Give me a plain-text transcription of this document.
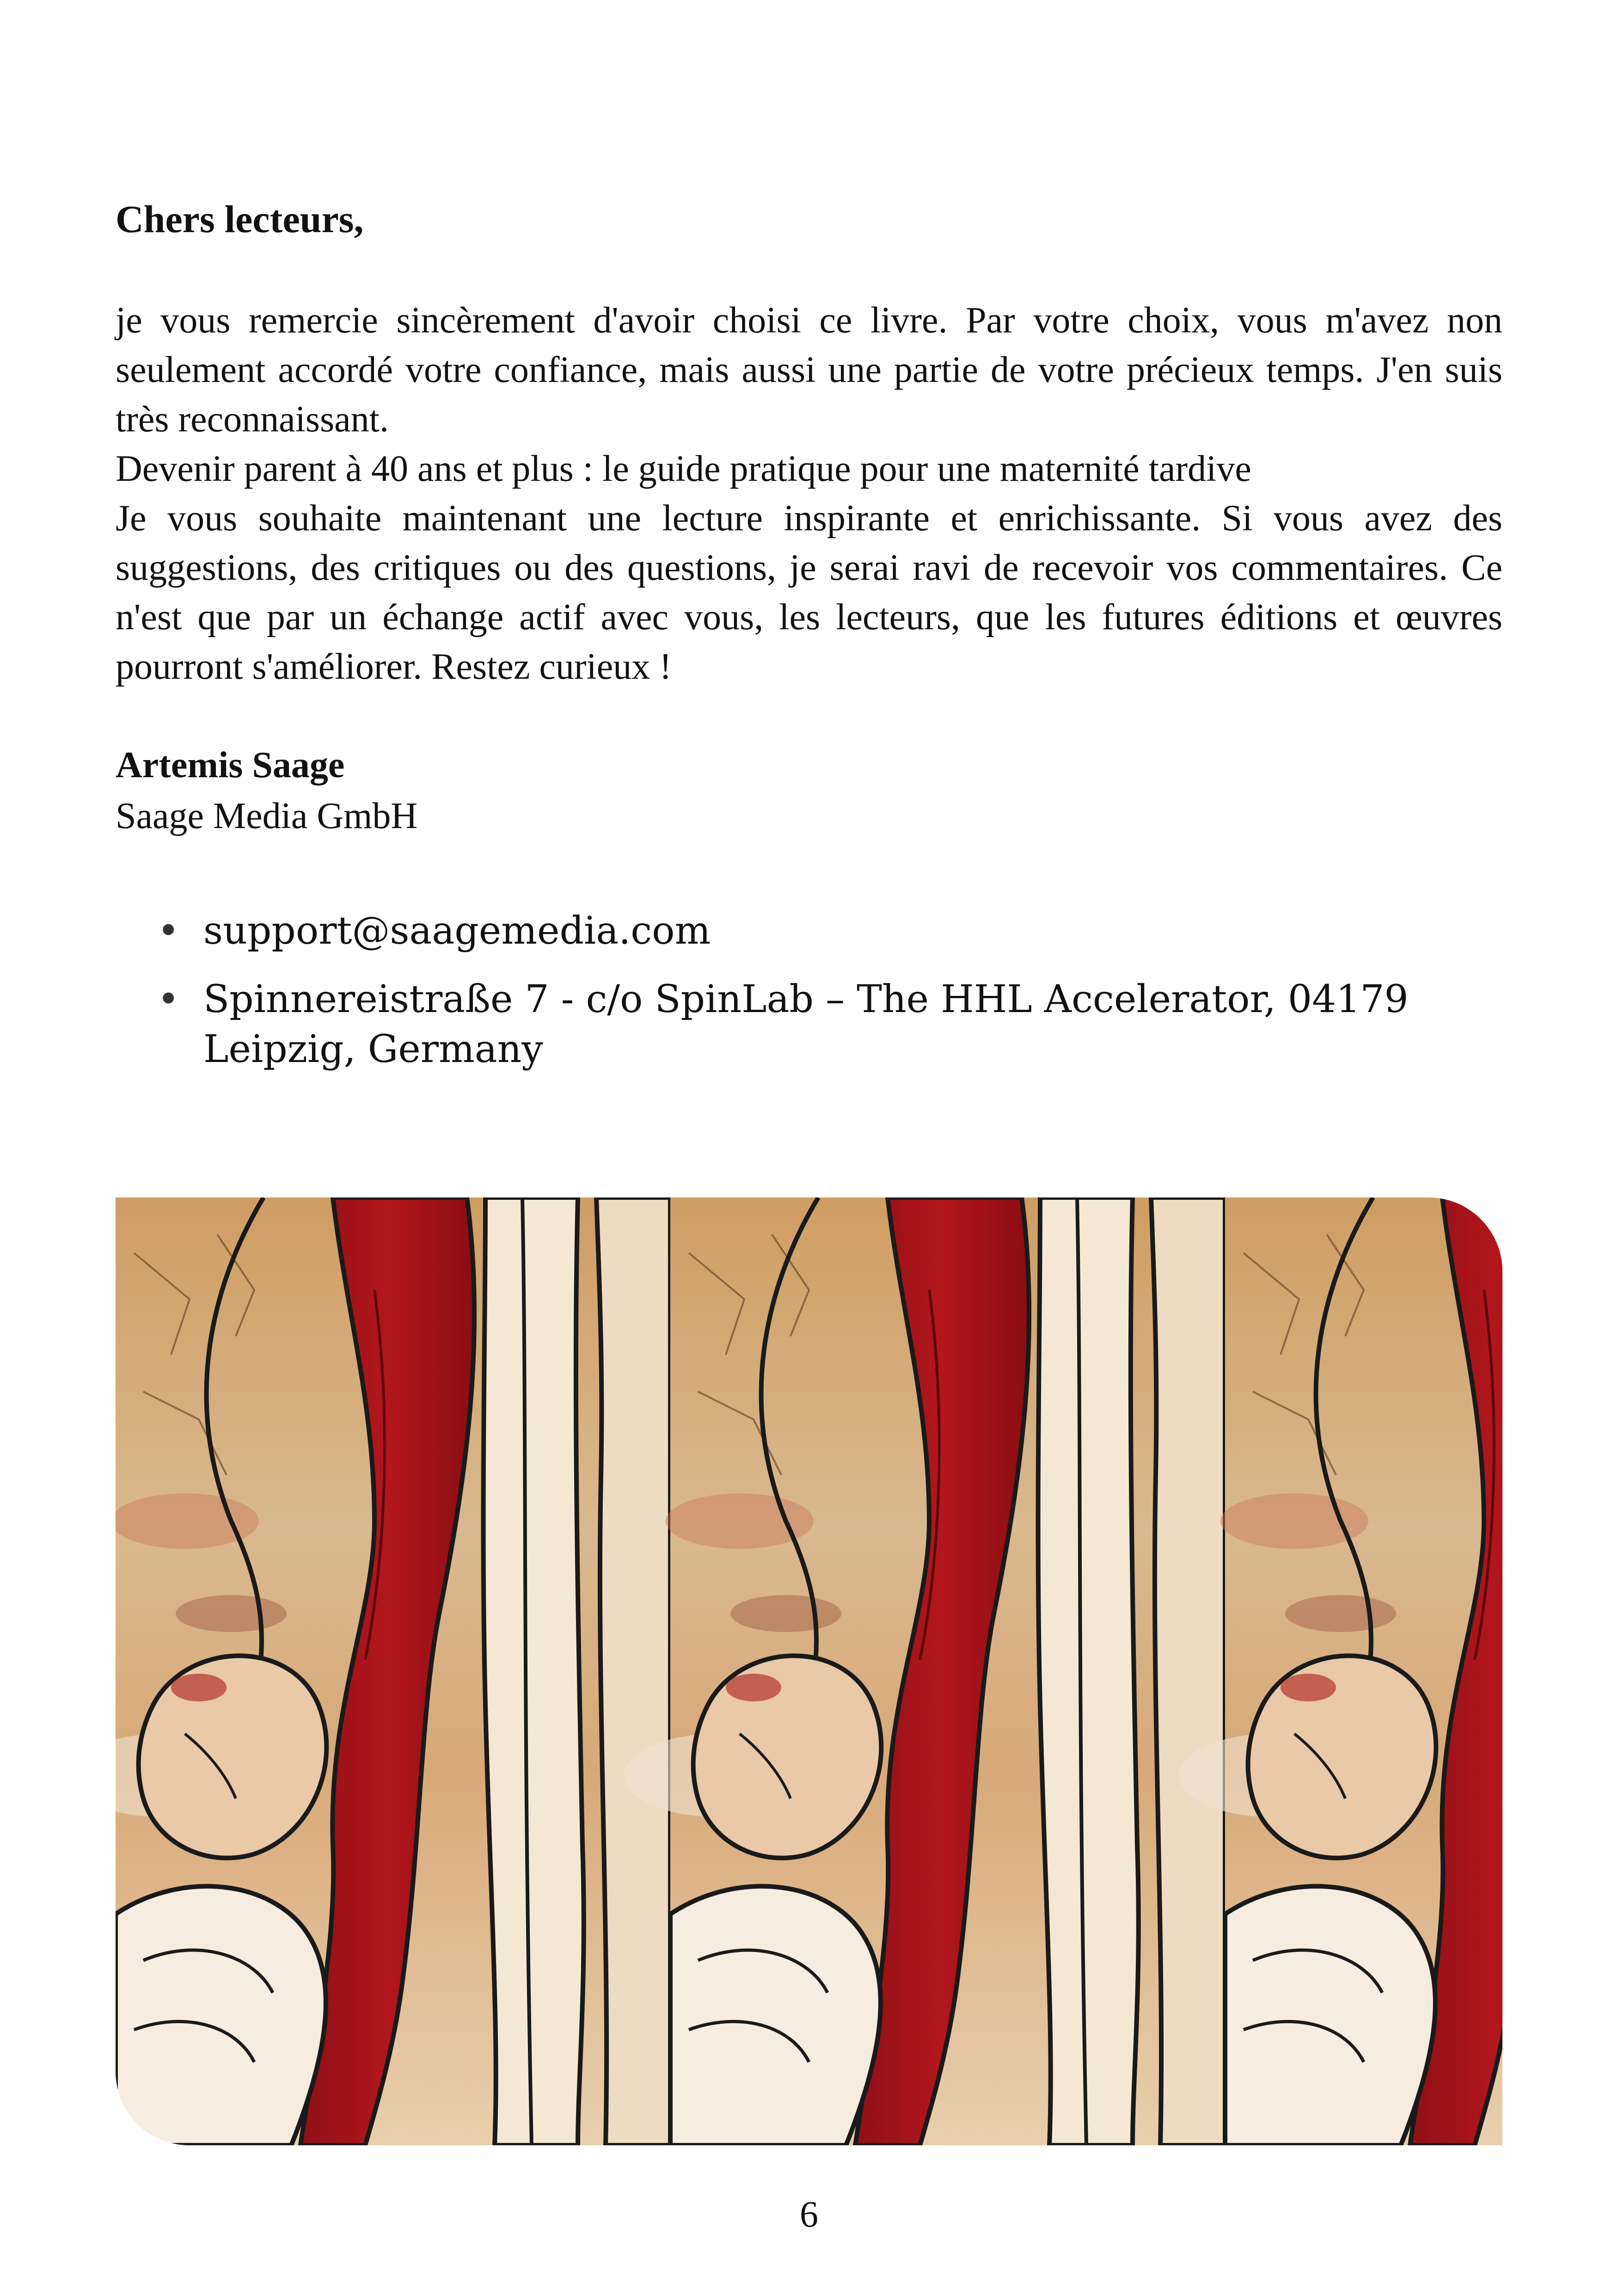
Chers lecteurs,

je vous remercie sincèrement d'avoir choisi ce livre. Par votre choix, vous m'avez non seulement accordé votre confiance, mais aussi une partie de votre précieux temps. J'en suis très reconnaissant.

Devenir parent à 40 ans et plus : le guide pratique pour une maternité tardive

Je vous souhaite maintenant une lecture inspirante et enrichissante. Si vous avez des suggestions, des critiques ou des questions, je serai ravi de recevoir vos commentaires. Ce n'est que par un échange actif avec vous, les lecteurs, que les futures éditions et œuvres pourront s'améliorer. Restez curieux !

Artemis Saage
Saage Media GmbH
• support@saagemedia.com
• Spinnereistraße 7 - c/o SpinLab – The HHL Accelerator, 04179 Leipzig, Germany
6
